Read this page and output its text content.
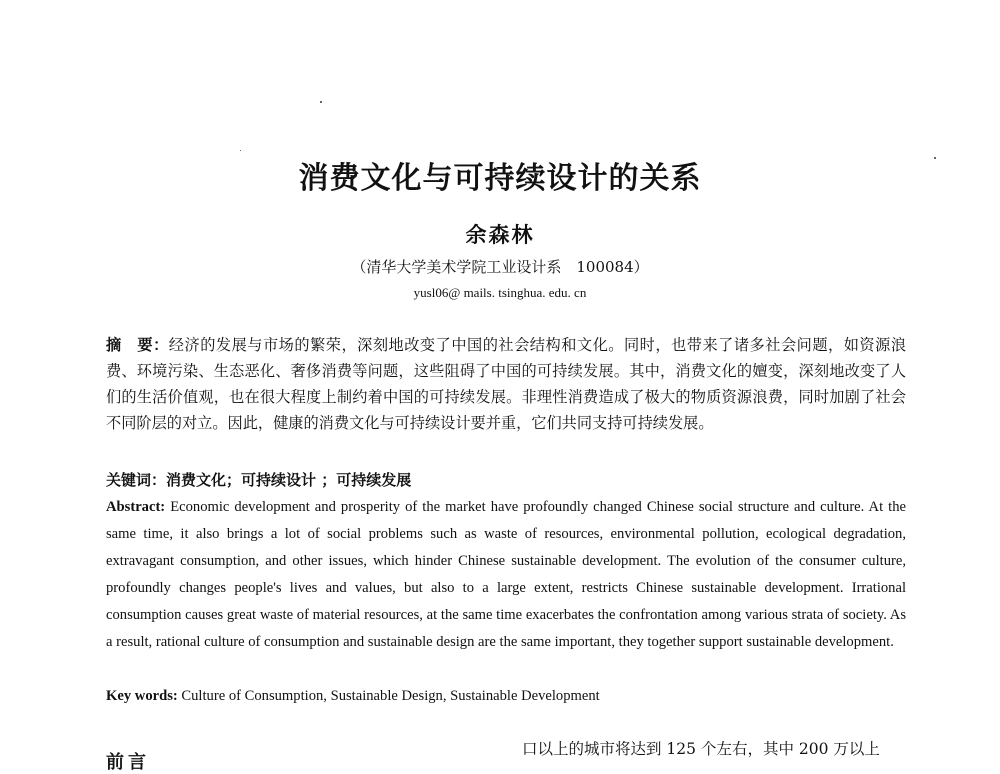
消费文化与可持续设计的关系
余森林
（清华大学美术学院工业设计系　100084）
yusl06@ mails. tsinghua. edu. cn

摘　要：经济的发展与市场的繁荣，深刻地改变了中国的社会结构和文化。同时，也带来了诸多社会问题，如资源浪费、环境污染、生态恶化、奢侈消费等问题，这些阻碍了中国的可持续发展。其中，消费文化的嬗变，深刻地改变了人们的生活价值观，也在很大程度上制约着中国的可持续发展。非理性消费造成了极大的物质资源浪费，同时加剧了社会不同阶层的对立。因此，健康的消费文化与可持续设计要并重，它们共同支持可持续发展。

关键词：消费文化；可持续设计 ；可持续发展

Abstract: Economic development and prosperity of the market have profoundly changed Chinese social structure and culture. At the same time, it also brings a lot of social problems such as waste of resources, environmental pollution, ecological degradation, extravagant consumption, and other issues, which hinder Chinese sustainable development. The evolution of the consumer culture, profoundly changes people's lives and values, but also to a large extent, restricts Chinese sustainable development. Irrational consumption causes great waste of material resources, at the same time exacerbates the confrontation among various strata of society. As a result, rational culture of consumption and sustainable design are the same important, they together support sustainable development.

Key words: Culture of Consumption, Sustainable Design, Sustainable Development

前言
口以上的城市将达到 125 个左右，其中 200 万以上
